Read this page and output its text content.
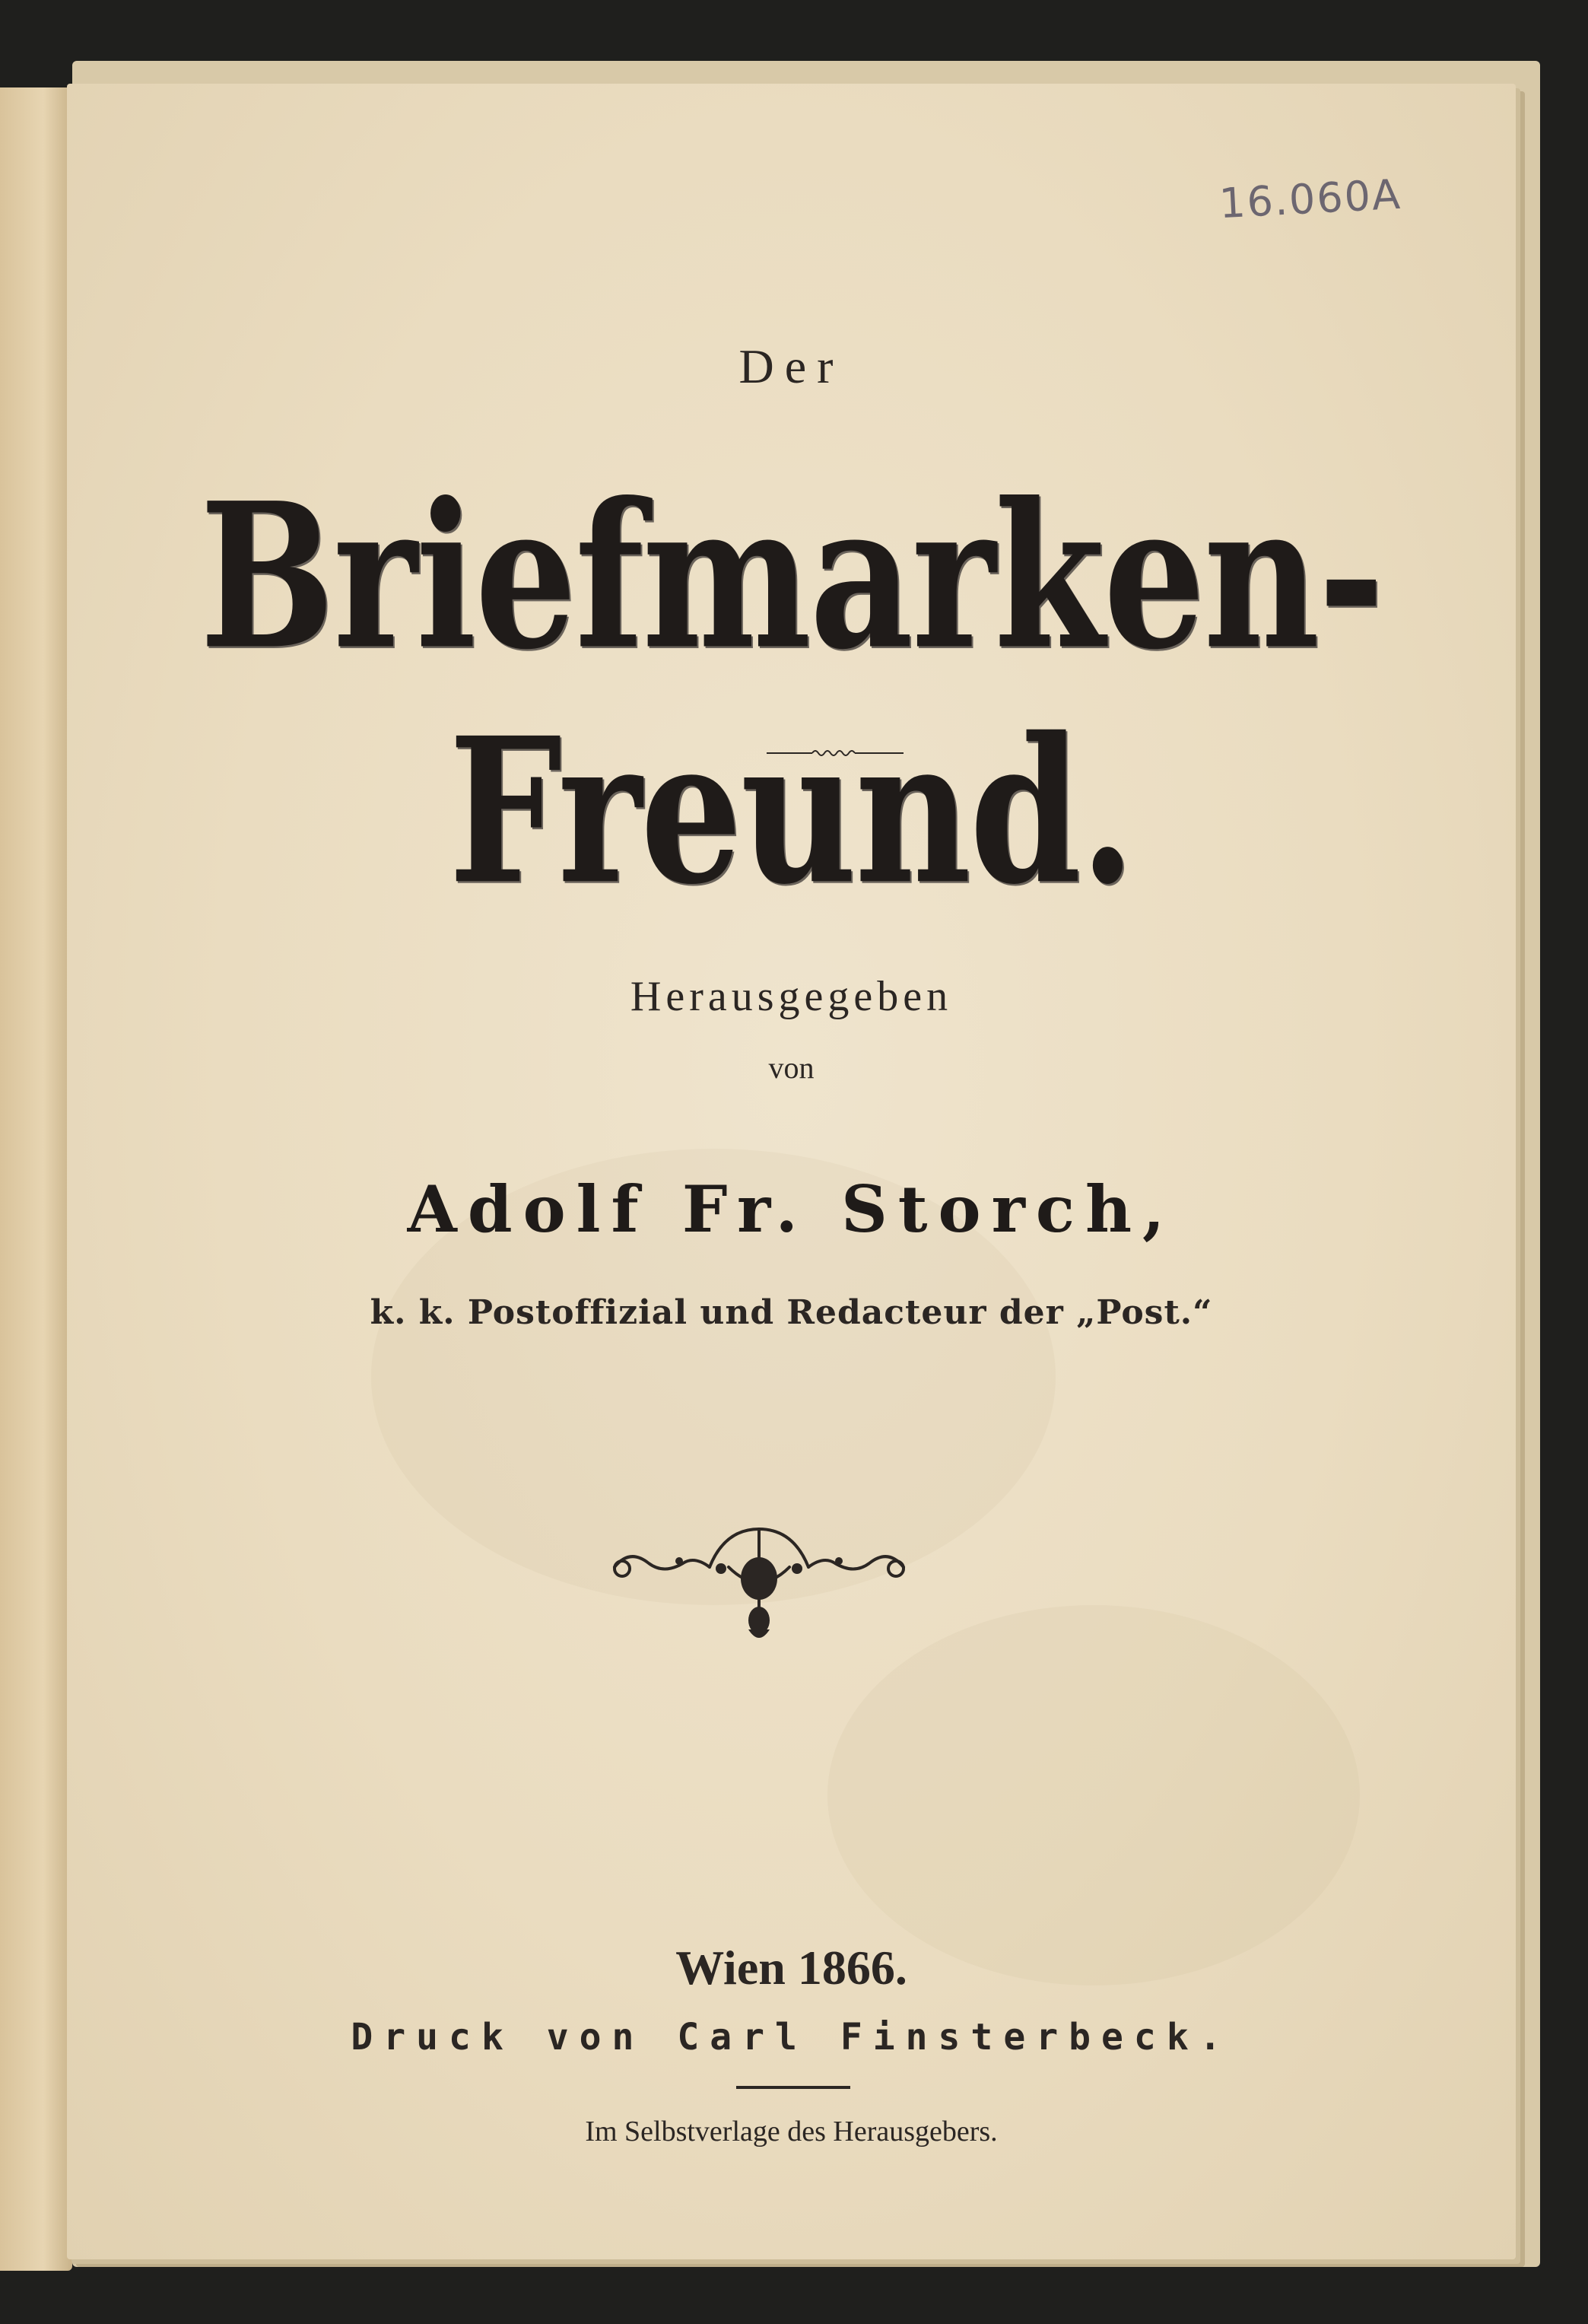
16.060A

Der

Briefmarken-Freund.

Herausgegeben

von

Adolf Fr. Storch,

k. k. Postoffizial und Redacteur der „Post.“

Wien 1866.

Druck von Carl Finsterbeck.

Im Selbstverlage des Herausgebers.
